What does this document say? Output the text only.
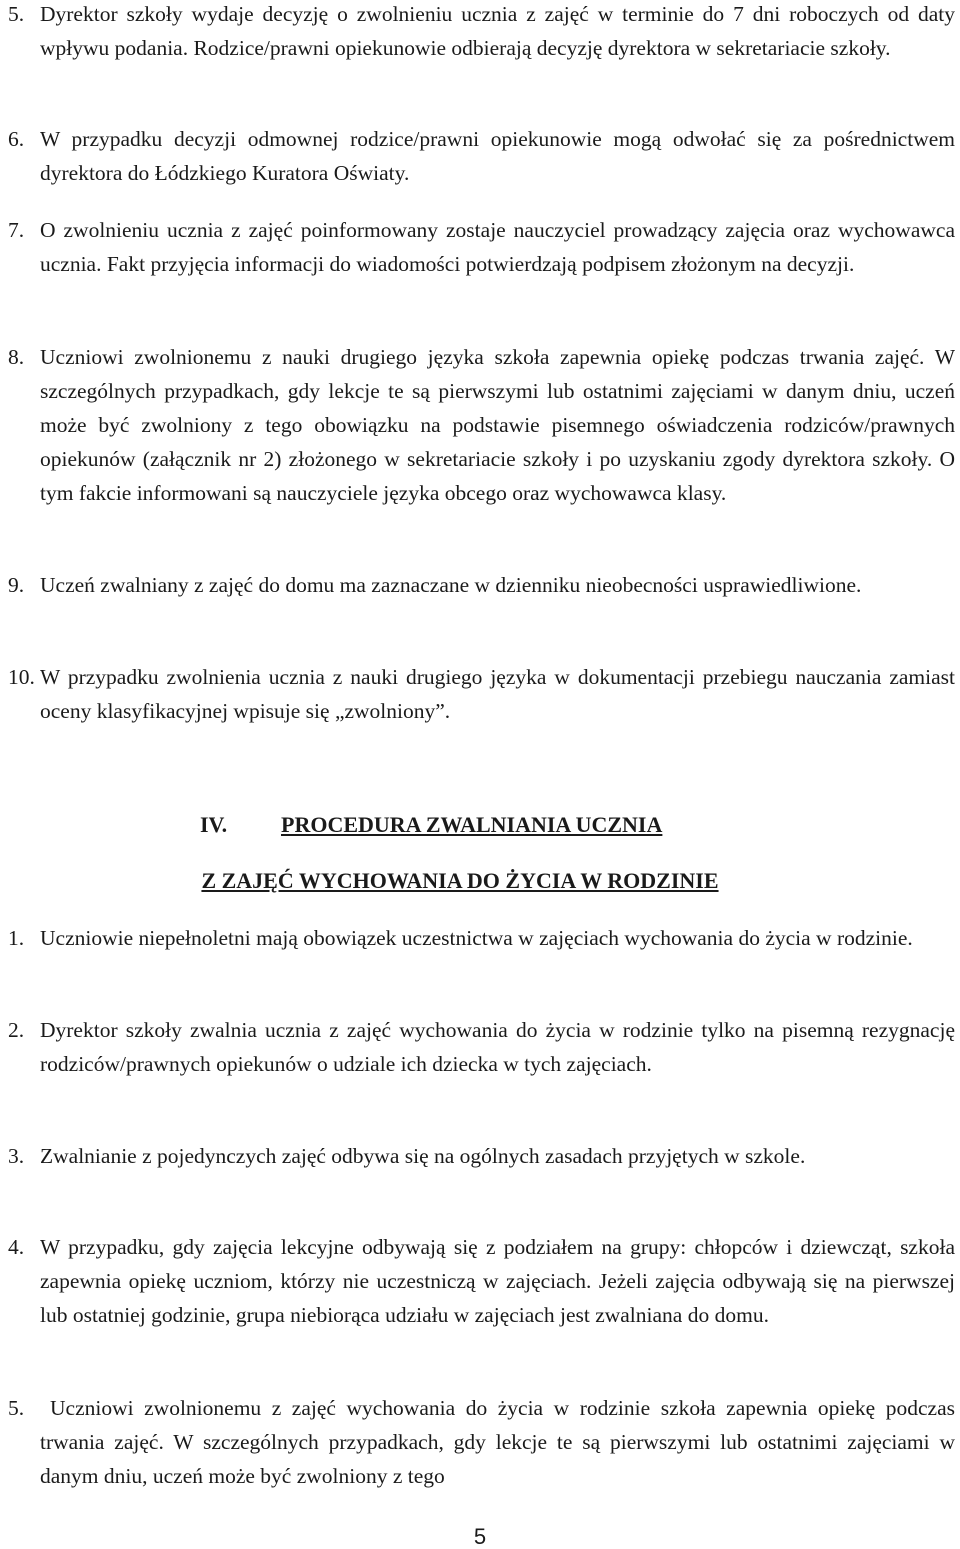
5. Dyrektor szkoły wydaje decyzję o zwolnieniu ucznia z zajęć w terminie do 7 dni roboczych od daty wpływu podania. Rodzice/prawni opiekunowie odbierają decyzję dyrektora w sekretariacie szkoły.
6. W przypadku decyzji odmownej rodzice/prawni opiekunowie mogą odwołać się za pośrednictwem dyrektora do Łódzkiego Kuratora Oświaty.
7. O zwolnieniu ucznia z zajęć poinformowany zostaje nauczyciel prowadzący zajęcia oraz wychowawca ucznia. Fakt przyjęcia informacji do wiadomości potwierdzają podpisem złożonym na decyzji.
8. Uczniowi zwolnionemu z nauki drugiego języka szkoła zapewnia opiekę podczas trwania zajęć. W szczególnych przypadkach, gdy lekcje te są pierwszymi lub ostatnimi zajęciami w danym dniu, uczeń może być zwolniony z tego obowiązku na podstawie pisemnego oświadczenia rodziców/prawnych opiekunów (załącznik nr 2) złożonego w sekretariacie szkoły i po uzyskaniu zgody dyrektora szkoły. O tym fakcie informowani są nauczyciele języka obcego oraz wychowawca klasy.
9. Uczeń zwalniany z zajęć do domu ma zaznaczane w dzienniku nieobecności usprawiedliwione.
10. W przypadku zwolnienia ucznia z nauki drugiego języka w dokumentacji przebiegu nauczania zamiast oceny klasyfikacyjnej wpisuje się „zwolniony”.
IV. PROCEDURA ZWALNIANIA UCZNIA
Z ZAJĘĆ WYCHOWANIA DO ŻYCIA W RODZINIE
1. Uczniowie niepełnoletni mają obowiązek uczestnictwa w zajęciach wychowania do życia w rodzinie.
2. Dyrektor szkoły zwalnia ucznia z zajęć wychowania do życia w rodzinie tylko na pisemną rezygnację rodziców/prawnych opiekunów o udziale ich dziecka w tych zajęciach.
3. Zwalnianie z pojedynczych zajęć odbywa się na ogólnych zasadach przyjętych w szkole.
4. W przypadku, gdy zajęcia lekcyjne odbywają się z podziałem na grupy: chłopców i dziewcząt, szkoła zapewnia opiekę uczniom, którzy nie uczestniczą w zajęciach. Jeżeli zajęcia odbywają się na pierwszej lub ostatniej godzinie, grupa niebiorąca udziału w zajęciach jest zwalniana do domu.
5.	Uczniowi zwolnionemu z zajęć wychowania do życia w rodzinie szkoła zapewnia opiekę podczas trwania zajęć. W szczególnych przypadkach, gdy lekcje te są pierwszymi lub ostatnimi zajęciami w danym dniu, uczeń może być zwolniony z tego
5
